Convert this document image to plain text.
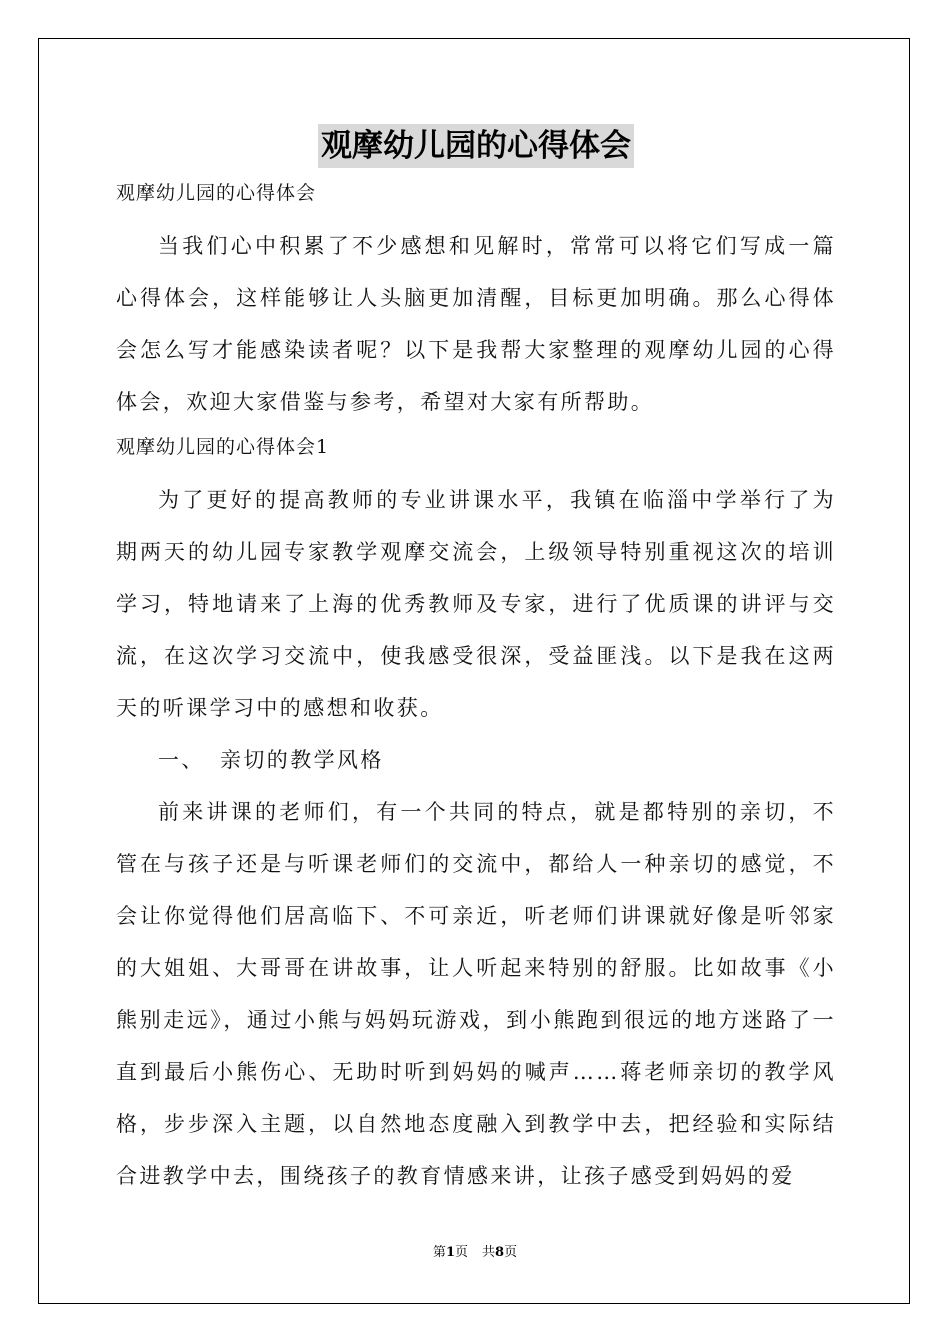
观摩幼儿园的心得体会

观摩幼儿园的心得体会

当我们心中积累了不少感想和见解时，常常可以将它们写成一篇心得体会，这样能够让人头脑更加清醒，目标更加明确。那么心得体会怎么写才能感染读者呢？以下是我帮大家整理的观摩幼儿园的心得体会，欢迎大家借鉴与参考，希望对大家有所帮助。

观摩幼儿园的心得体会1

为了更好的提高教师的专业讲课水平，我镇在临淄中学举行了为期两天的幼儿园专家教学观摩交流会，上级领导特别重视这次的培训学习，特地请来了上海的优秀教师及专家，进行了优质课的讲评与交流，在这次学习交流中，使我感受很深，受益匪浅。以下是我在这两天的听课学习中的感想和收获。

一、 亲切的教学风格

前来讲课的老师们，有一个共同的特点，就是都特别的亲切，不管在与孩子还是与听课老师们的交流中，都给人一种亲切的感觉，不会让你觉得他们居高临下、不可亲近，听老师们讲课就好像是听邻家的大姐姐、大哥哥在讲故事，让人听起来特别的舒服。比如故事《小熊别走远》，通过小熊与妈妈玩游戏，到小熊跑到很远的地方迷路了一直到最后小熊伤心、无助时听到妈妈的喊声……蒋老师亲切的教学风格，步步深入主题，以自然地态度融入到教学中去，把经验和实际结合进教学中去，围绕孩子的教育情感来讲，让孩子感受到妈妈的爱

第1页 共8页
